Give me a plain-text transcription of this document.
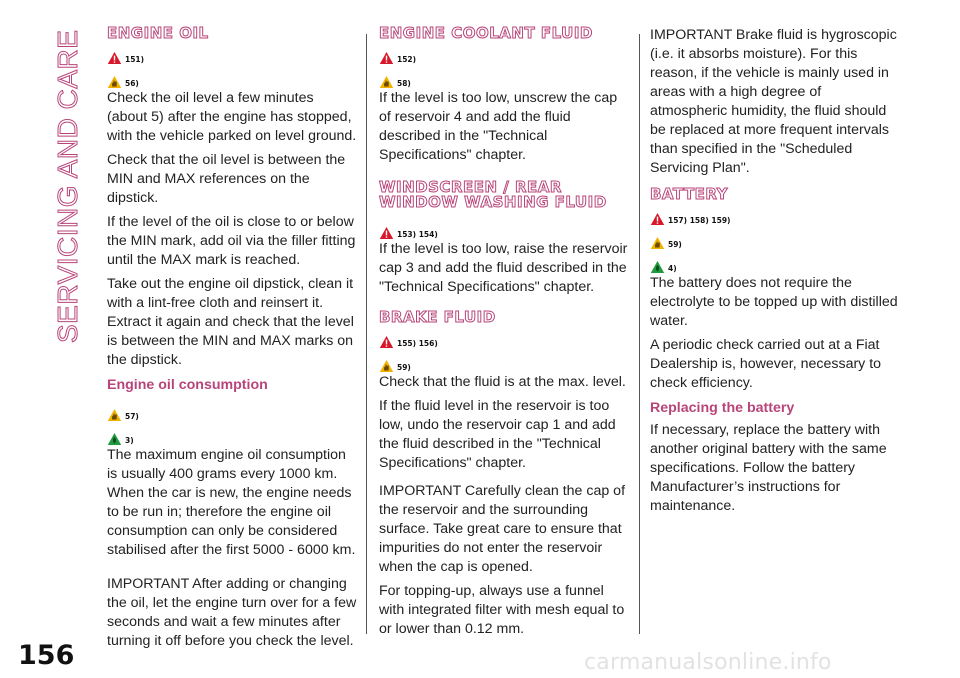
SERVICING AND CARE
156
ENGINE OIL
151)
56)

Check the oil level a few minutes (about 5) after the engine has stopped, with the vehicle parked on level ground.

Check that the oil level is between the MIN and MAX references on the dipstick.

If the level of the oil is close to or below the MIN mark, add oil via the filler fitting until the MAX mark is reached.

Take out the engine oil dipstick, clean it with a lint-free cloth and reinsert it. Extract it again and check that the level is between the MIN and MAX marks on the dipstick.

Engine oil consumption
57)
3)

The maximum engine oil consumption is usually 400 grams every 1000 km. When the car is new, the engine needs to be run in; therefore the engine oil consumption can only be considered stabilised after the first 5000 - 6000 km.

IMPORTANT After adding or changing the oil, let the engine turn over for a few seconds and wait a few minutes after turning it off before you check the level.

ENGINE COOLANT FLUID
152)
58)

If the level is too low, unscrew the cap of reservoir 4 and add the fluid described in the "Technical Specifications" chapter.

WINDSCREEN / REAR
WINDOW WASHING FLUID
153) 154)

If the level is too low, raise the reservoir cap 3 and add the fluid described in the "Technical Specifications" chapter.

BRAKE FLUID
155) 156)
59)

Check that the fluid is at the max. level.

If the fluid level in the reservoir is too low, undo the reservoir cap 1 and add the fluid described in the "Technical Specifications" chapter.

IMPORTANT Carefully clean the cap of the reservoir and the surrounding surface. Take great care to ensure that impurities do not enter the reservoir when the cap is opened.

For topping-up, always use a funnel with integrated filter with mesh equal to or lower than 0.12 mm.

IMPORTANT Brake fluid is hygroscopic (i.e. it absorbs moisture). For this reason, if the vehicle is mainly used in areas with a high degree of atmospheric humidity, the fluid should be replaced at more frequent intervals than specified in the "Scheduled Servicing Plan".

BATTERY
157) 158) 159)
59)
4)

The battery does not require the electrolyte to be topped up with distilled water.

A periodic check carried out at a Fiat Dealership is, however, necessary to check efficiency.

Replacing the battery

If necessary, replace the battery with another original battery with the same specifications. Follow the battery Manufacturer’s instructions for maintenance.

carmanualsonline.info
